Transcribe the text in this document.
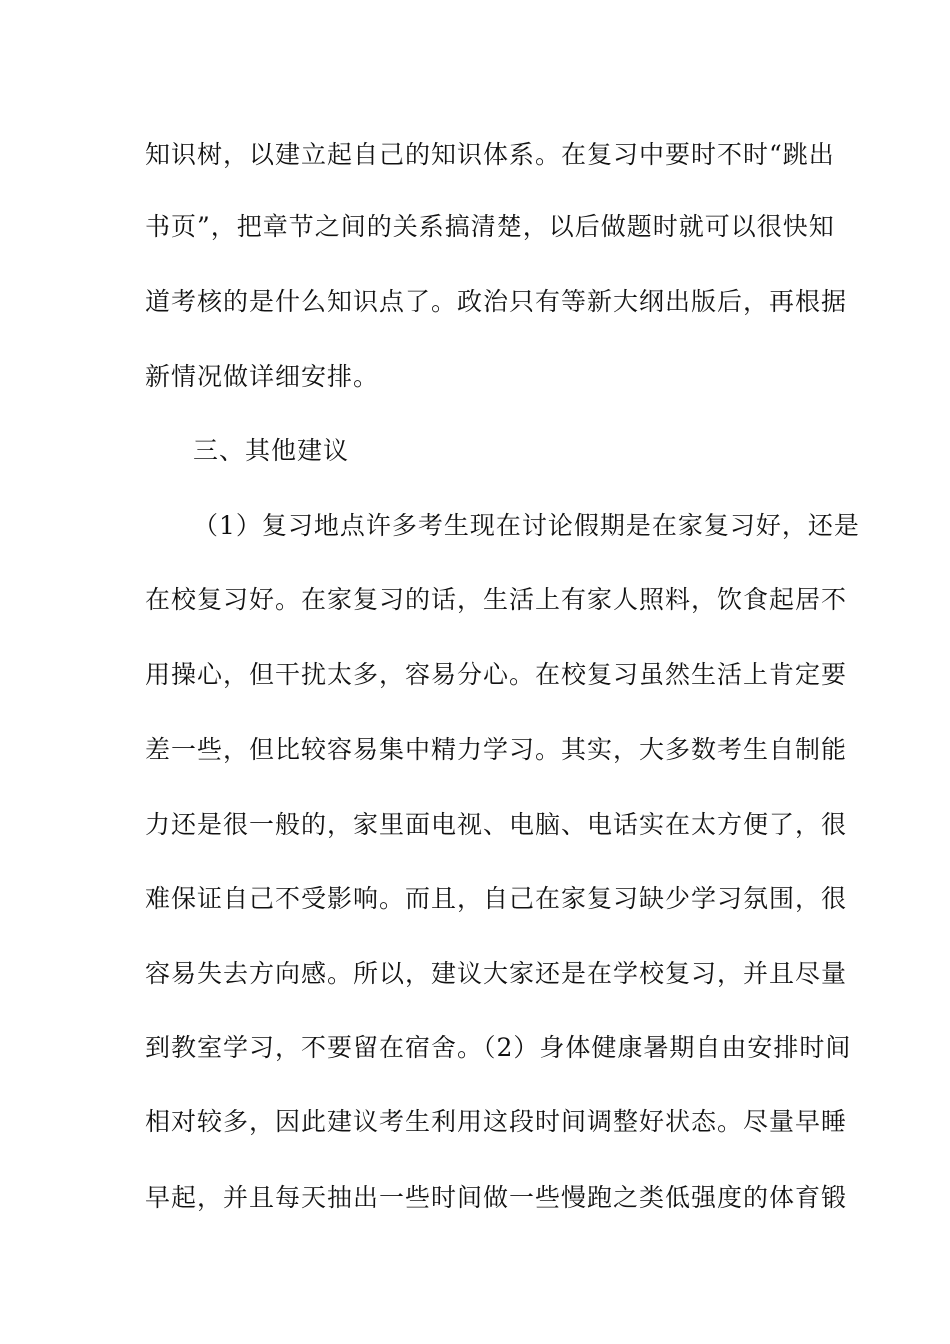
知识树，以建立起自己的知识体系。在复习中要时不时“跳出
书页”，把章节之间的关系搞清楚，以后做题时就可以很快知
道考核的是什么知识点了。政治只有等新大纲出版后，再根据
新情况做详细安排。
三、其他建议
（1）复习地点许多考生现在讨论假期是在家复习好，还是
在校复习好。在家复习的话，生活上有家人照料，饮食起居不
用操心，但干扰太多，容易分心。在校复习虽然生活上肯定要
差一些，但比较容易集中精力学习。其实，大多数考生自制能
力还是很一般的，家里面电视、电脑、电话实在太方便了，很
难保证自己不受影响。而且，自己在家复习缺少学习氛围，很
容易失去方向感。所以，建议大家还是在学校复习，并且尽量
到教室学习，不要留在宿舍。（2）身体健康暑期自由安排时间
相对较多，因此建议考生利用这段时间调整好状态。尽量早睡
早起，并且每天抽出一些时间做一些慢跑之类低强度的体育锻
